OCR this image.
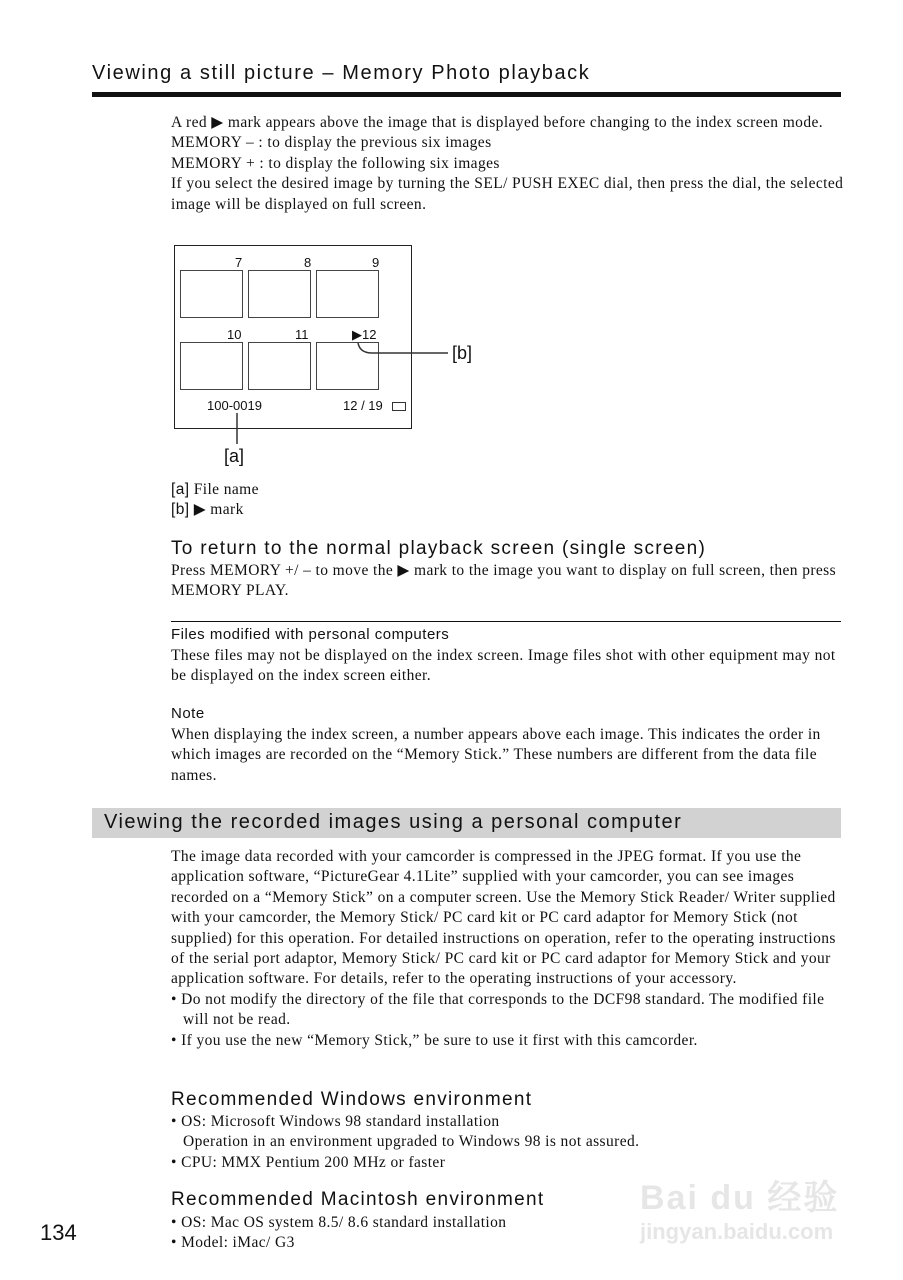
Viewing a still picture – Memory Photo playback

A red ▶ mark appears above the image that is displayed before changing to the index screen mode.

MEMORY – : to display the previous six images

MEMORY + : to display the following six images

If you select the desired image by turning the SEL/ PUSH EXEC dial, then press the dial, the selected image will be displayed on full screen.

7	8	9
10	11	▶12
100-0019	12 / 19
[b]
[a]

[a] File name

[b] ▶ mark

To return to the normal playback screen (single screen)
Press MEMORY +/ – to move the ▶ mark to the image you want to display on full screen, then press MEMORY PLAY.
Files modified with personal computers
These files may not be displayed on the index screen. Image files shot with other equipment may not be displayed on the index screen either.
Note
When displaying the index screen, a number appears above each image. This indicates the order in which images are recorded on the “Memory Stick.” These numbers are different from the data file names.
Viewing the recorded images using a personal computer

The image data recorded with your camcorder is compressed in the JPEG format. If you use the application software, “PictureGear 4.1Lite” supplied with your camcorder, you can see images recorded on a “Memory Stick” on a computer screen. Use the Memory Stick Reader/ Writer supplied with your camcorder, the Memory Stick/ PC card kit or PC card adaptor for Memory Stick (not supplied) for this operation. For detailed instructions on operation, refer to the operating instructions of the serial port adaptor, Memory Stick/ PC card kit or PC card adaptor for Memory Stick and your application software. For details, refer to the operating instructions of your accessory.

• Do not modify the directory of the file that corresponds to the DCF98 standard. The modified file will not be read.

• If you use the new “Memory Stick,” be sure to use it first with this camcorder.

Recommended Windows environment

• OS: Microsoft Windows 98 standard installation

Operation in an environment upgraded to Windows 98 is not assured.

• CPU: MMX Pentium 200 MHz or faster

Recommended Macintosh environment

• OS: Mac OS system 8.5/ 8.6 standard installation

• Model: iMac/ G3

134
Bai du 经验
jingyan.baidu.com
